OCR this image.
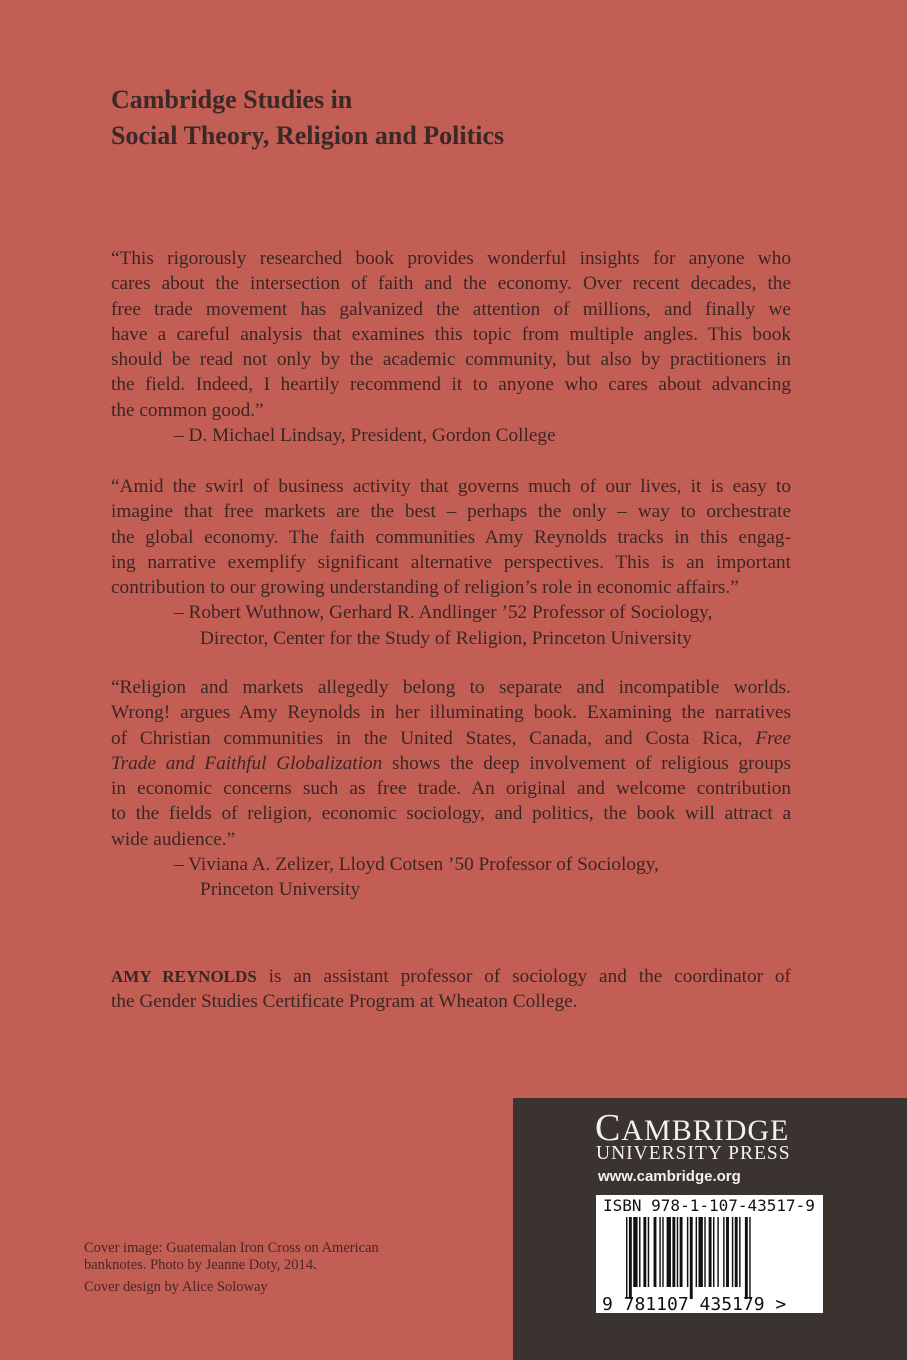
Cambridge Studies in
Social Theory, Religion and Politics
“This rigorously researched book provides wonderful insights for anyone who
cares about the intersection of faith and the economy. Over recent decades, the
free trade movement has galvanized the attention of millions, and finally we
have a careful analysis that examines this topic from multiple angles. This book
should be read not only by the academic community, but also by practitioners in
the field. Indeed, I heartily recommend it to anyone who cares about advancing
the common good.”
– D. Michael Lindsay, President, Gordon College
“Amid the swirl of business activity that governs much of our lives, it is easy to
imagine that free markets are the best – perhaps the only – way to orchestrate
the global economy. The faith communities Amy Reynolds tracks in this engag-
ing narrative exemplify significant alternative perspectives. This is an important
contribution to our growing understanding of religion’s role in economic affairs.”
– Robert Wuthnow, Gerhard R. Andlinger ’52 Professor of Sociology,
Director, Center for the Study of Religion, Princeton University
“Religion and markets allegedly belong to separate and incompatible worlds.
Wrong! argues Amy Reynolds in her illuminating book. Examining the narratives
of Christian communities in the United States, Canada, and Costa Rica, Free
Trade and Faithful Globalization shows the deep involvement of religious groups
in economic concerns such as free trade. An original and welcome contribution
to the fields of religion, economic sociology, and politics, the book will attract a
wide audience.”
– Viviana A. Zelizer, Lloyd Cotsen ’50 Professor of Sociology,
Princeton University
AMY REYNOLDS is an assistant professor of sociology and the coordinator of
the Gender Studies Certificate Program at Wheaton College.
Cover image: Guatemalan Iron Cross on American
banknotes. Photo by Jeanne Doty, 2014.
Cover design by Alice Soloway
CAMBRIDGE
UNIVERSITY PRESS
www.cambridge.org
ISBN 978-1-107-43517-9
9 781107 435179 >
